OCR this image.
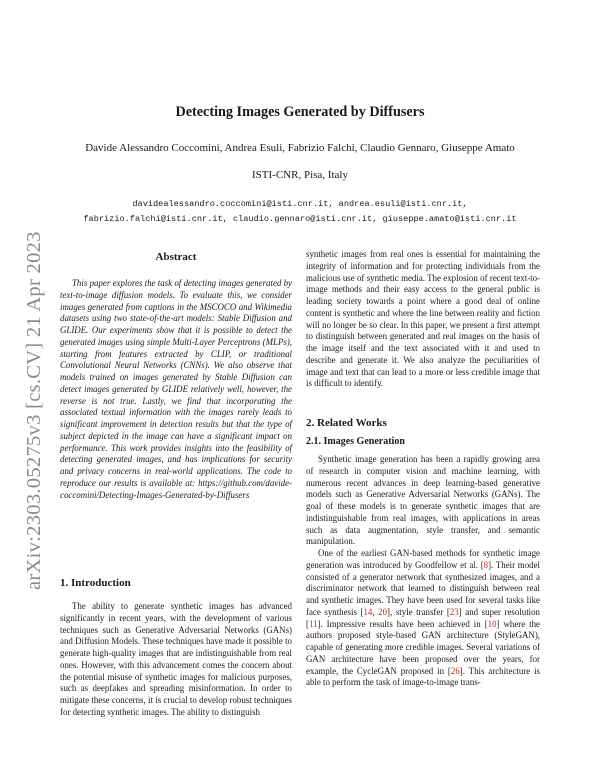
arXiv:2303.05275v3 [cs.CV] 21 Apr 2023
Detecting Images Generated by Diffusers
Davide Alessandro Coccomini, Andrea Esuli, Fabrizio Falchi, Claudio Gennaro, Giuseppe Amato
ISTI-CNR, Pisa, Italy
davidealessandro.coccomini@isti.cnr.it, andrea.esuli@isti.cnr.it,
fabrizio.falchi@isti.cnr.it, claudio.gennaro@isti.cnr.it, giuseppe.amato@isti.cnr.it
Abstract

This paper explores the task of detecting images generated by text-to-image diffusion models. To evaluate this, we consider images generated from captions in the MSCOCO and Wikimedia datasets using two state-of-the-art models: Stable Diffusion and GLIDE. Our experiments show that it is possible to detect the generated images using simple Multi-Layer Perceptrons (MLPs), starting from features extracted by CLIP, or traditional Convolutional Neural Networks (CNNs). We also observe that models trained on images generated by Stable Diffusion can detect images generated by GLIDE relatively well, however, the reverse is not true. Lastly, we find that incorporating the associated textual information with the images rarely leads to significant improvement in detection results but that the type of subject depicted in the image can have a significant impact on performance. This work provides insights into the feasibility of detecting generated images, and has implications for security and privacy concerns in real-world applications. The code to reproduce our results is available at: https://github.com/davide-coccomini/Detecting-Images-Generated-by-Diffusers

1. Introduction

The ability to generate synthetic images has advanced significantly in recent years, with the development of various techniques such as Generative Adversarial Networks (GANs) and Diffusion Models. These techniques have made it possible to generate high-quality images that are indistinguishable from real ones. However, with this advancement comes the concern about the potential misuse of synthetic images for malicious purposes, such as deepfakes and spreading misinformation. In order to mitigate these concerns, it is crucial to develop robust techniques for detecting synthetic images. The ability to distinguish

synthetic images from real ones is essential for maintaining the integrity of information and for protecting individuals from the malicious use of synthetic media. The explosion of recent text-to-image methods and their easy access to the general public is leading society towards a point where a good deal of online content is synthetic and where the line between reality and fiction will no longer be so clear. In this paper, we present a first attempt to distinguish between generated and real images on the basis of the image itself and the text associated with it and used to describe and generate it. We also analyze the peculiarities of image and text that can lead to a more or less credible image that is difficult to identify.

2. Related Works
2.1. Images Generation

Synthetic image generation has been a rapidly growing area of research in computer vision and machine learning, with numerous recent advances in deep learning-based generative models such as Generative Adversarial Networks (GANs). The goal of these models is to generate synthetic images that are indistinguishable from real images, with applications in areas such as data augmentation, style transfer, and semantic manipulation.

One of the earliest GAN-based methods for synthetic image generation was introduced by Goodfellow et al. [8]. Their model consisted of a generator network that synthesized images, and a discriminator network that learned to distinguish between real and synthetic images. They have been used for several tasks like face synthesis [14, 20], style transfer [23] and super resolution [11]. Impressive results have been achieved in [10] where the authors proposed style-based GAN architecture (StyleGAN), capable of generating more credible images. Several variations of GAN architecture have been proposed over the years, for example, the CycleGAN proposed in [26]. This architecture is able to perform the task of image-to-image trans-
